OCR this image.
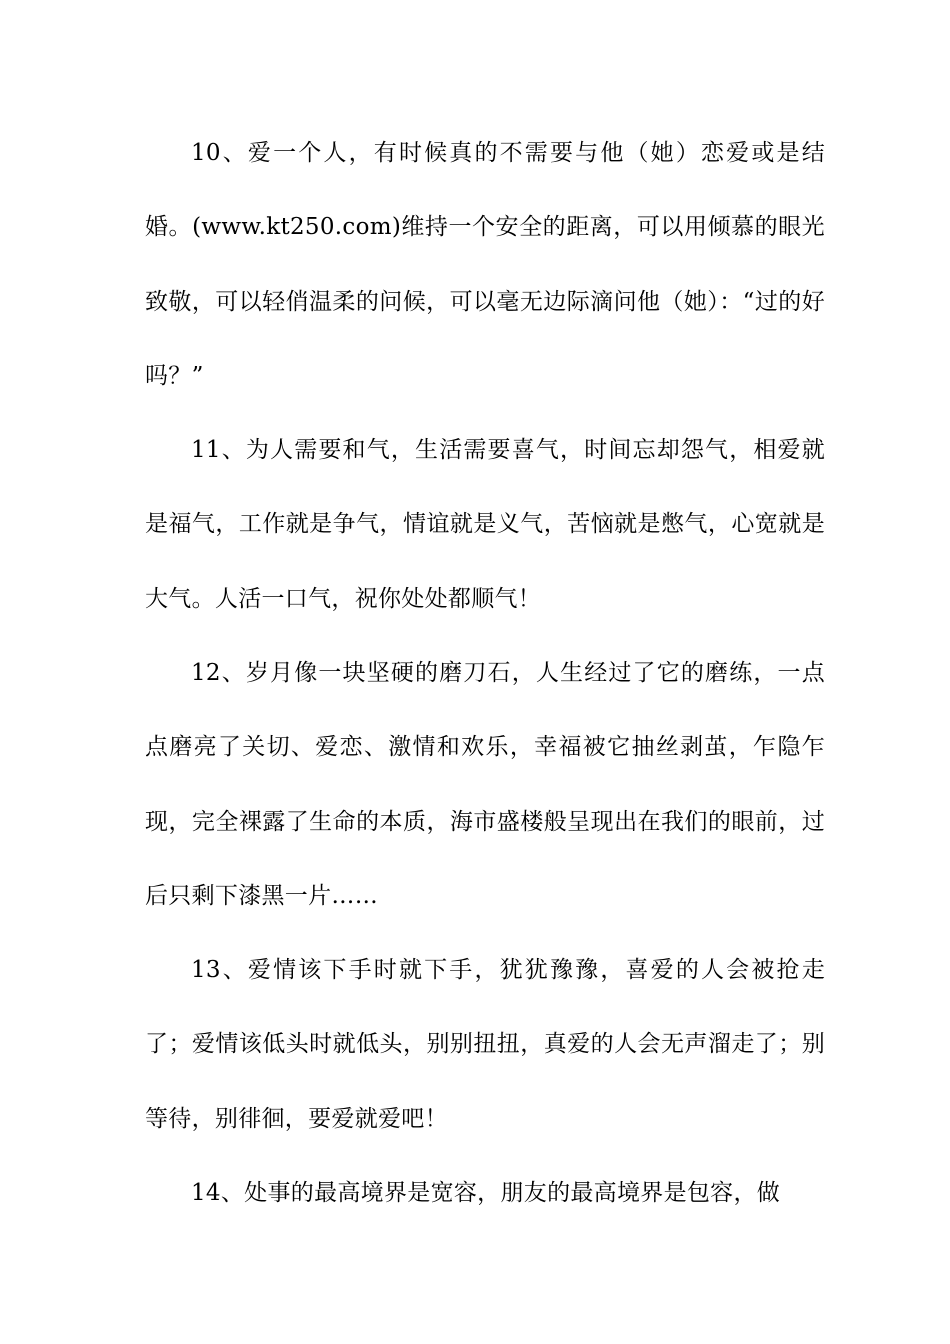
10、爱一个人，有时候真的不需要与他（她）恋爱或是结婚。(www.kt250.com)维持一个安全的距离，可以用倾慕的眼光致敬，可以轻俏温柔的问候，可以毫无边际滴问他（她）：“过的好吗？”

11、为人需要和气，生活需要喜气，时间忘却怨气，相爱就是福气，工作就是争气，情谊就是义气，苦恼就是憋气，心宽就是大气。人活一口气，祝你处处都顺气！

12、岁月像一块坚硬的磨刀石，人生经过了它的磨练，一点点磨亮了关切、爱恋、激情和欢乐，幸福被它抽丝剥茧，乍隐乍现，完全裸露了生命的本质，海市盛楼般呈现出在我们的眼前，过后只剩下漆黑一片……

13、爱情该下手时就下手，犹犹豫豫，喜爱的人会被抢走了；爱情该低头时就低头，别别扭扭，真爱的人会无声溜走了；别等待，别徘徊，要爱就爱吧！

14、处事的最高境界是宽容，朋友的最高境界是包容，做
